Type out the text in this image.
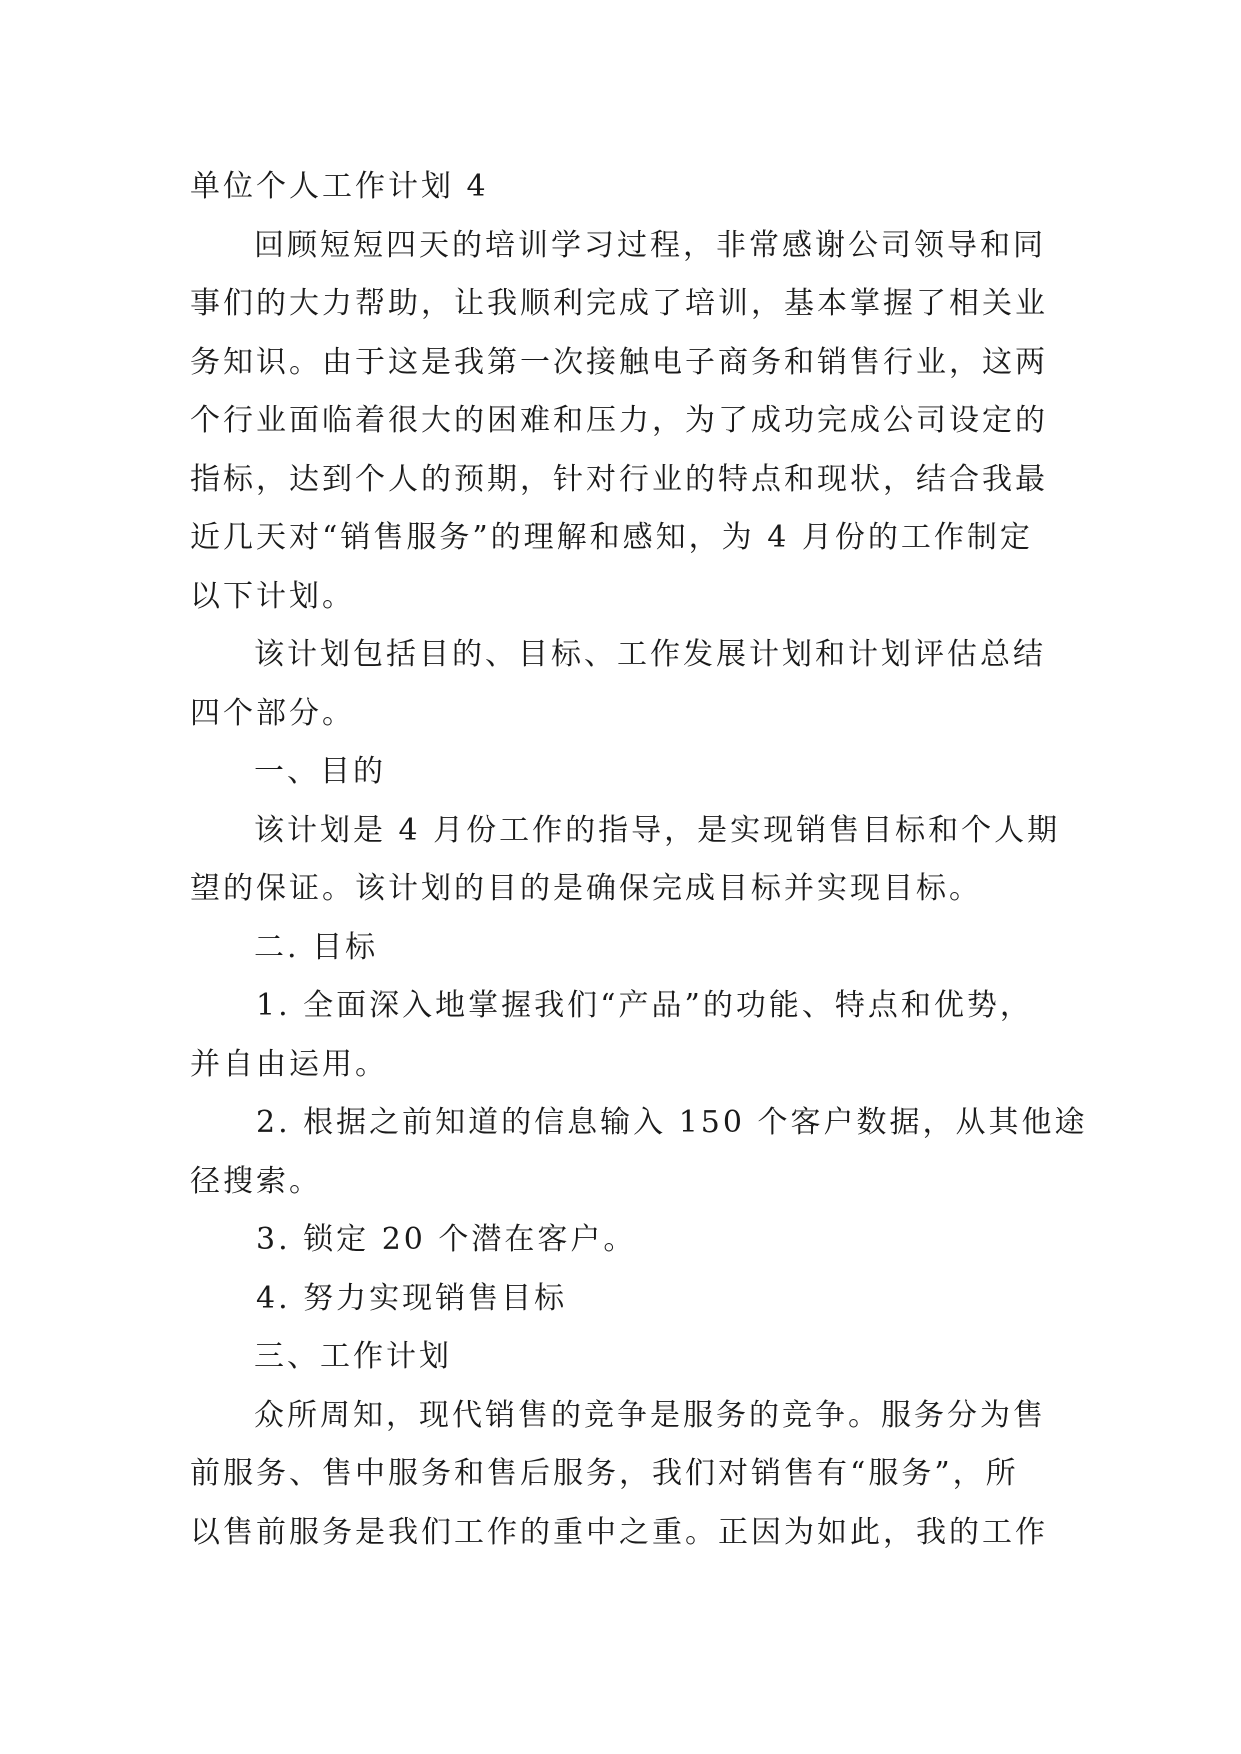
单位个人工作计划 4

回顾短短四天的培训学习过程，非常感谢公司领导和同

事们的大力帮助，让我顺利完成了培训，基本掌握了相关业

务知识。由于这是我第一次接触电子商务和销售行业，这两

个行业面临着很大的困难和压力，为了成功完成公司设定的

指标，达到个人的预期，针对行业的特点和现状，结合我最

近几天对“销售服务”的理解和感知，为 4 月份的工作制定

以下计划。

该计划包括目的、目标、工作发展计划和计划评估总结

四个部分。

一、目的

该计划是 4 月份工作的指导，是实现销售目标和个人期

望的保证。该计划的目的是确保完成目标并实现目标。

二. 目标

1. 全面深入地掌握我们“产品”的功能、特点和优势，

并自由运用。

2. 根据之前知道的信息输入 150 个客户数据，从其他途

径搜索。

3. 锁定 20 个潜在客户。

4. 努力实现销售目标

三、工作计划

众所周知，现代销售的竞争是服务的竞争。服务分为售

前服务、售中服务和售后服务，我们对销售有“服务”，所

以售前服务是我们工作的重中之重。正因为如此，我的工作
